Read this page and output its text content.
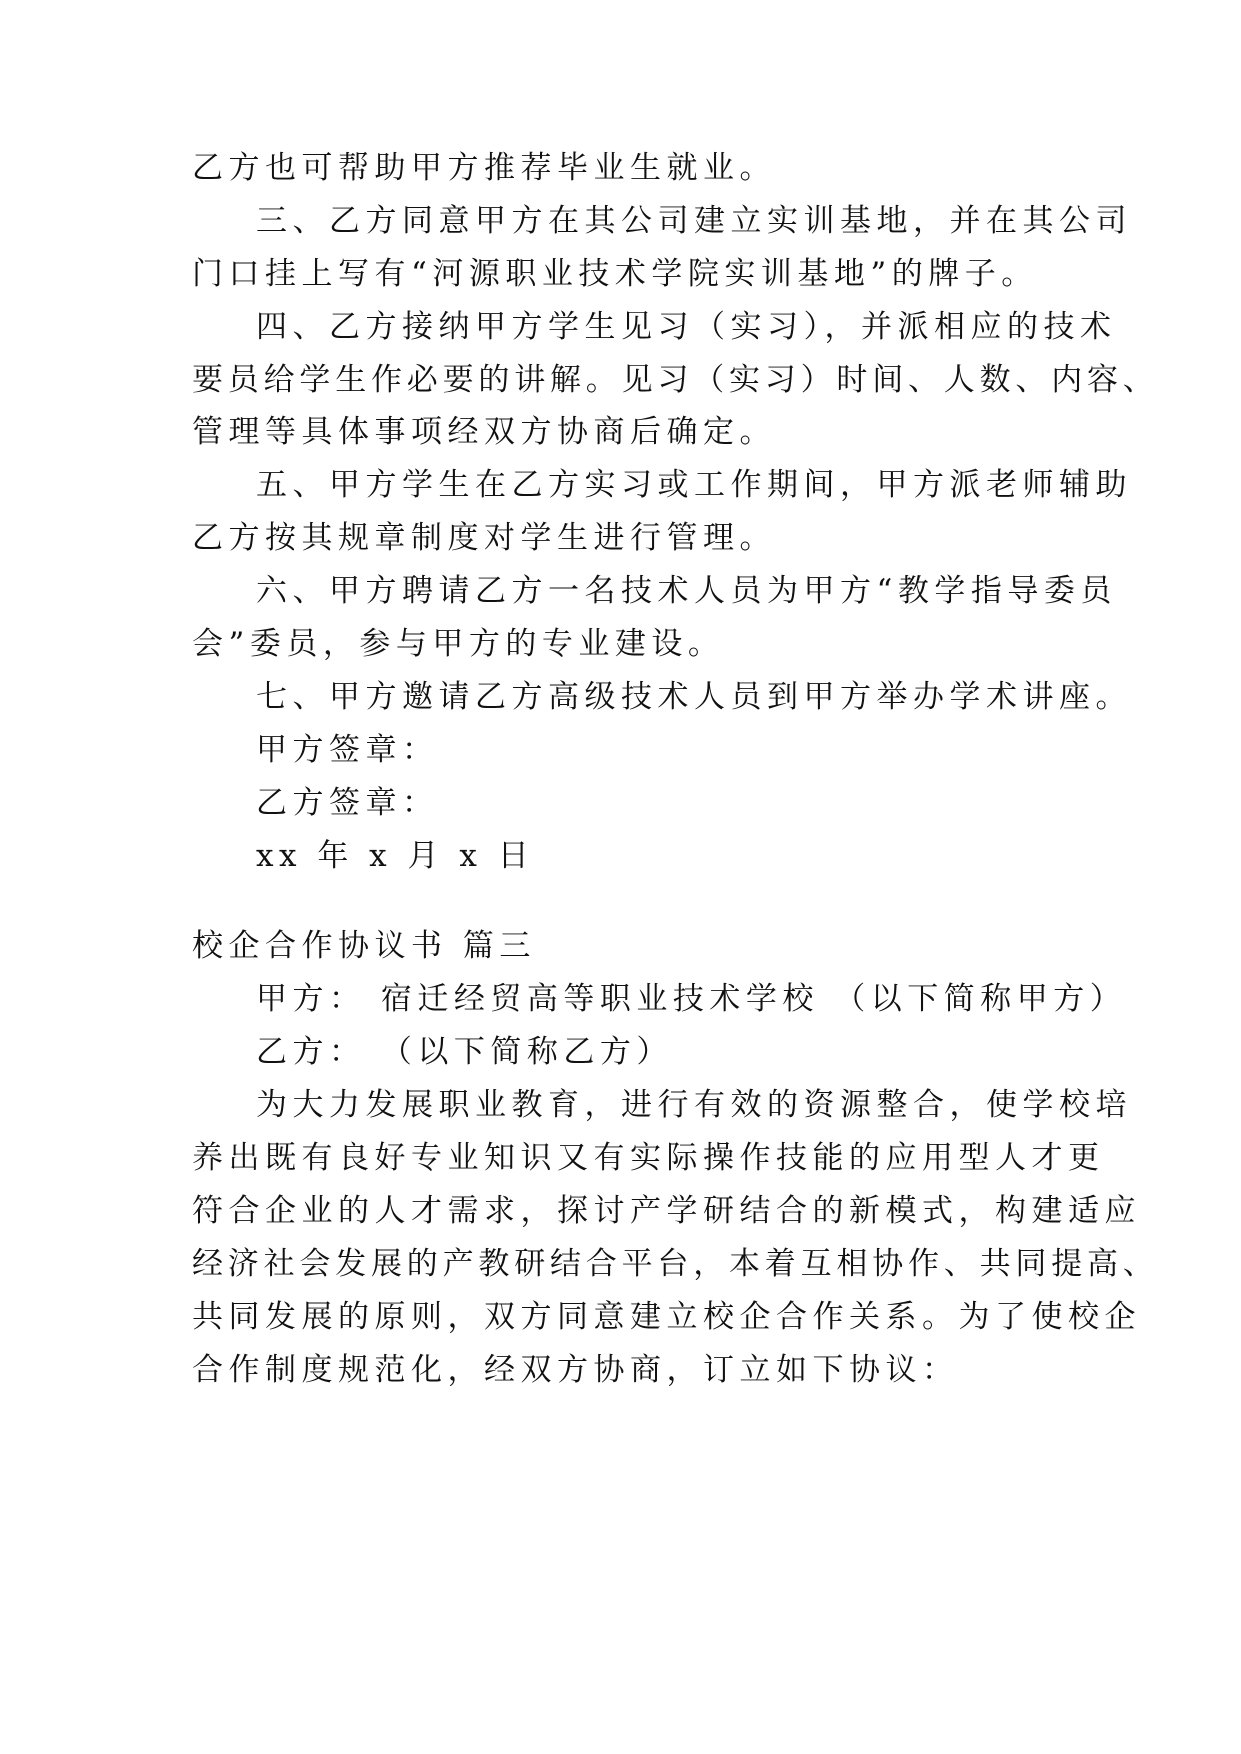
乙方也可帮助甲方推荐毕业生就业。
三、乙方同意甲方在其公司建立实训基地，并在其公司
门口挂上写有“河源职业技术学院实训基地”的牌子。
四、乙方接纳甲方学生见习（实习），并派相应的技术
要员给学生作必要的讲解。见习（实习）时间、人数、内容、
管理等具体事项经双方协商后确定。
五、甲方学生在乙方实习或工作期间，甲方派老师辅助
乙方按其规章制度对学生进行管理。
六、甲方聘请乙方一名技术人员为甲方“教学指导委员
会”委员，参与甲方的专业建设。
七、甲方邀请乙方高级技术人员到甲方举办学术讲座。
甲方签章：
乙方签章：
xx 年 x 月 x 日
校企合作协议书 篇三
甲方： 宿迁经贸高等职业技术学校 （以下简称甲方）
乙方： （以下简称乙方）
为大力发展职业教育，进行有效的资源整合，使学校培
养出既有良好专业知识又有实际操作技能的应用型人才更
符合企业的人才需求，探讨产学研结合的新模式，构建适应
经济社会发展的产教研结合平台，本着互相协作、共同提高、
共同发展的原则，双方同意建立校企合作关系。为了使校企
合作制度规范化，经双方协商，订立如下协议：
